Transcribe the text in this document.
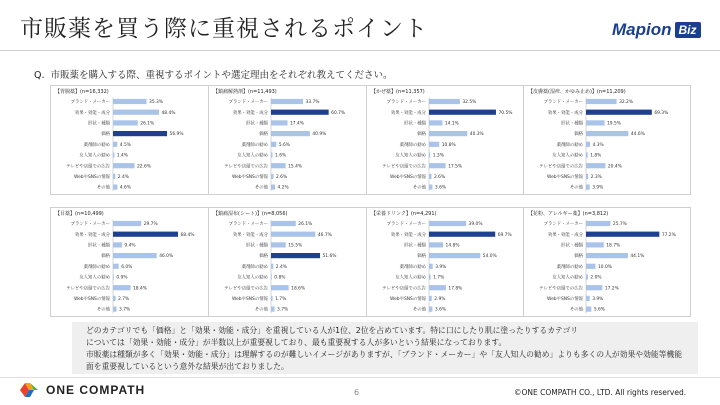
市販薬を買う際に重視されるポイント	Mapion Biz
Q.  市販薬を購入する際、重視するポイントや選定理由をそれぞれ教えてください。
【胃腸薬】(n=16,332)
ブランド・メーカー	35.3%
効果・効能・成分	48.4%
形状・種類	26.1%
価格	56.9%
薬剤師の勧め 4.5%
友人知人の勧め 1.4%
テレビや店頭での広告	22.6%
WebやSNSの情報 2.4%
その他 4.6%
【鎮痛解熱剤】(n=11,493)
ブランド・メーカー	33.7%
効果・効能・成分	60.7%
形状・種類	17.4%
価格	40.9%
薬剤師の勧め 5.6%
友人知人の勧め 1.6%
テレビや店頭での広告	15.4%
WebやSNSの情報 2.6%
その他 4.2%
【かぜ薬】(n=11,357)
ブランド・メーカー	32.5%
効果・効能・成分	70.5%
形状・種類	14.1%
価格	40.3%
薬剤師の勧め	10.8%
友人知人の勧め 1.3%
テレビや店頭での広告	17.5%
WebやSNSの情報 2.6%
その他 3.6%
【皮膚薬(湿疹、かゆみ止め)】(n=11,209)
ブランド・メーカー	32.2%
効果・効能・成分	69.3%
形状・種類	19.5%
価格	44.6%
薬剤師の勧め 4.3%
友人知人の勧め 1.8%
テレビや店頭での広告	20.4%
WebやSNSの情報 2.3%
その他 3.9%
【目薬】(n=10,499)
ブランド・メーカー	29.7%
効果・効能・成分	68.4%
形状・種類	9.4%
価格	46.0%
薬剤師の勧め	6.0%
友人知人の勧め 0.9%
テレビや店頭での広告	18.4%
WebやSNSの情報 2.7%
その他 3.7%
【鎮痛湿布(シート)】(n=8,056)
ブランド・メーカー	26.1%
効果・効能・成分	46.7%
形状・種類	15.5%
価格	51.6%
薬剤師の勧め 2.4%
友人知人の勧め 0.8%
テレビや店頭での広告	18.6%
WebやSNSの情報 1.7%
その他 3.7%
【栄養ドリンク】(n=4,291)
ブランド・メーカー	39.0%
効果・効能・成分	69.7%
形状・種類	14.8%
価格	54.0%
薬剤師の勧め 3.9%
友人知人の勧め 1.7%
テレビや店頭での広告	17.8%
WebやSNSの情報 2.9%
その他 3.6%
【花粉、アレルギー薬】(n=3,812)
ブランド・メーカー	25.7%
効果・効能・成分	77.2%
形状・種類	18.7%
価格	44.1%
薬剤師の勧め	10.0%
友人知人の勧め 2.0%
テレビや店頭での広告	17.2%
WebやSNSの情報 3.9%
その他 5.6%

どのカテゴリでも「価格」と「効果・効能・成分」を重視している人が1位、2位を占めています。特に口にしたり肌に塗ったりするカテゴリ

については「効果・効能・成分」が半数以上が重要視しており、最も重要視する人が多いという結果になっております。

市販薬は種類が多く「効果・効能・成分」は理解するのが難しいイメージがありますが、「ブランド・メーカー」や「友人知人の勧め」よりも多くの人が効果や効能等機能面を重要視しているという意外な結果が出ておりました。

ONE COMPATH	6	©ONE COMPATH CO., LTD. All rights reserved.
